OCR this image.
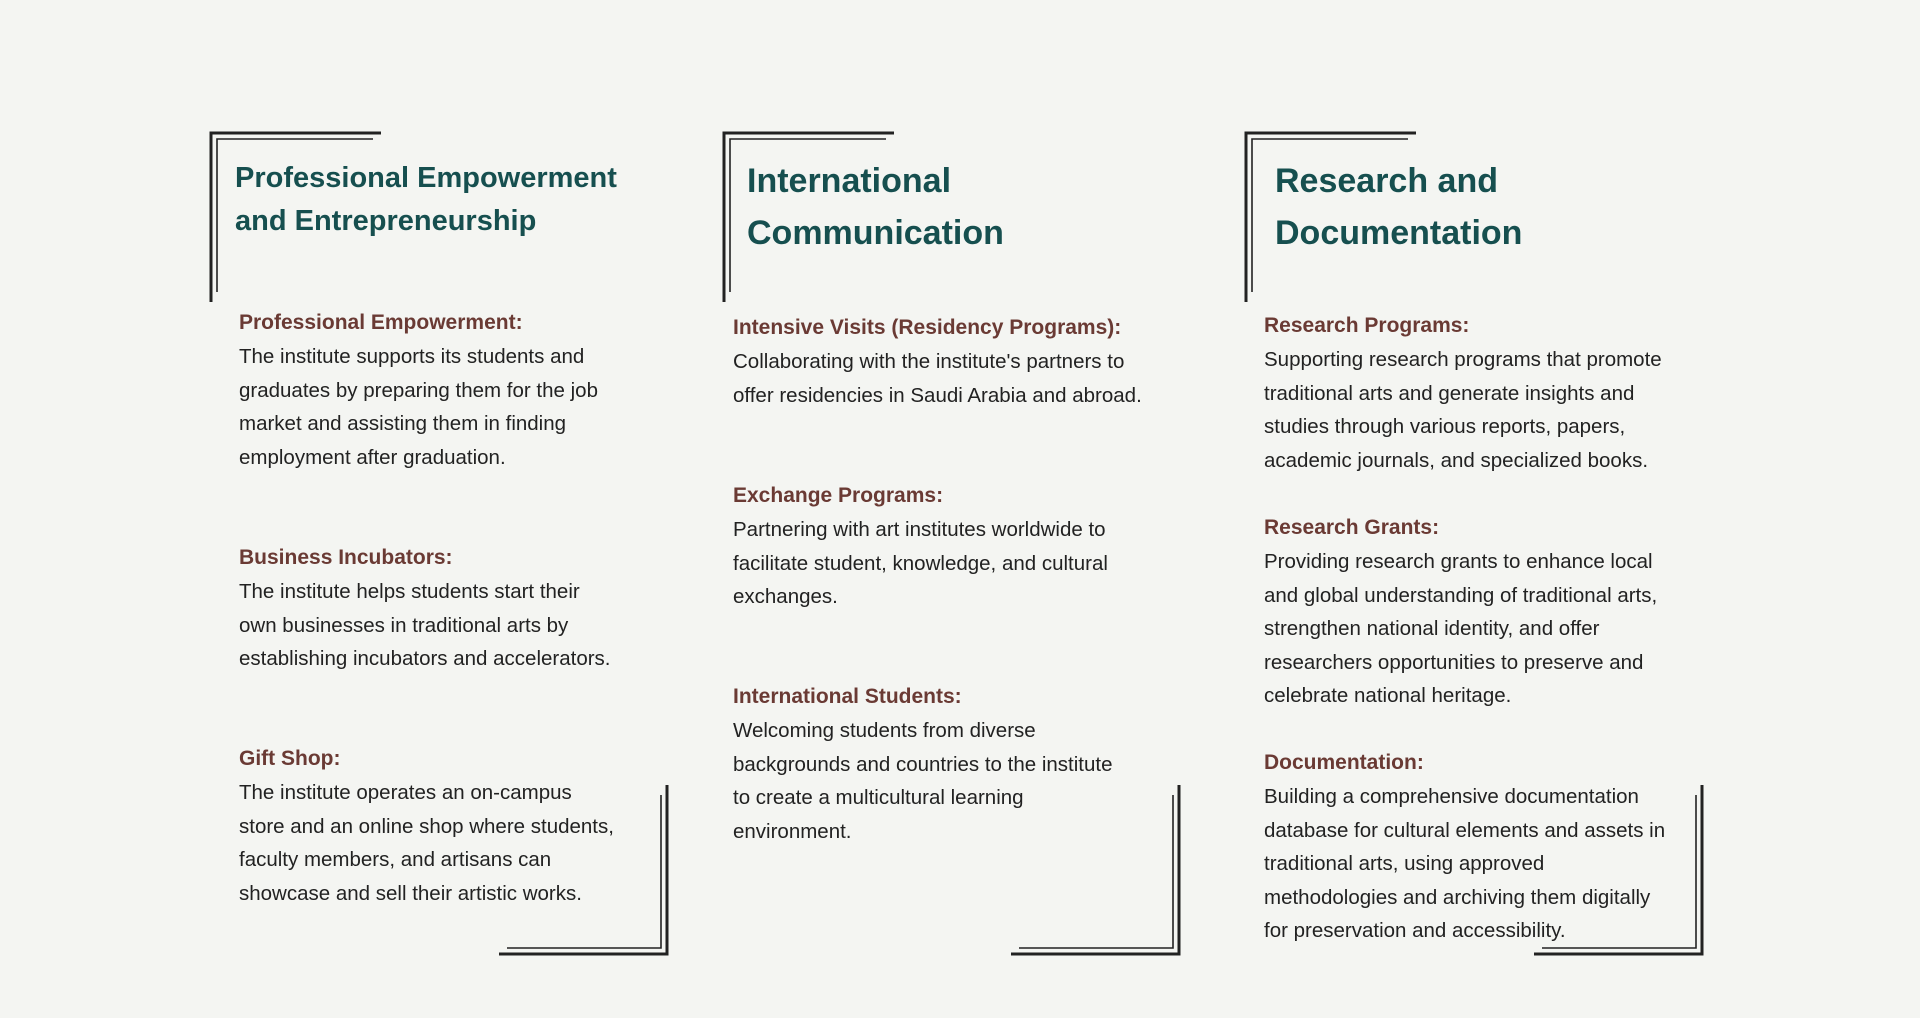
Professional Empowerment
and Entrepreneurship
Professional Empowerment:
The institute supports its students and
graduates by preparing them for the job
market and assisting them in finding
employment after graduation.
Business Incubators:
The institute helps students start their
own businesses in traditional arts by
establishing incubators and accelerators.
Gift Shop:
The institute operates an on-campus
store and an online shop where students,
faculty members, and artisans can
showcase and sell their artistic works.
International
Communication
Intensive Visits (Residency Programs):
Collaborating with the institute's partners to
offer residencies in Saudi Arabia and abroad.
Exchange Programs:
Partnering with art institutes worldwide to
facilitate student, knowledge, and cultural
exchanges.
International Students:
Welcoming students from diverse
backgrounds and countries to the institute
to create a multicultural learning
environment.
Research and
Documentation
Research Programs:
Supporting research programs that promote
traditional arts and generate insights and
studies through various reports, papers,
academic journals, and specialized books.
Research Grants:
Providing research grants to enhance local
and global understanding of traditional arts,
strengthen national identity, and offer
researchers opportunities to preserve and
celebrate national heritage.
Documentation:
Building a comprehensive documentation
database for cultural elements and assets in
traditional arts, using approved
methodologies and archiving them digitally
for preservation and accessibility.
